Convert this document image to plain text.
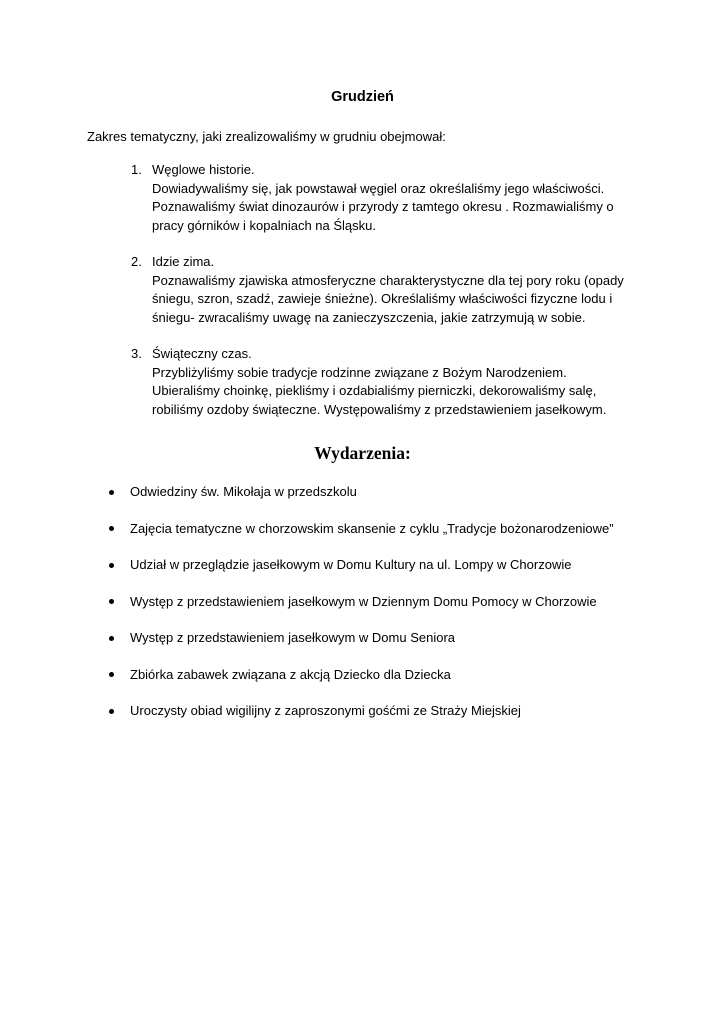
Grudzień

Zakres tematyczny, jaki zrealizowaliśmy w grudniu obejmował:

1. Węglowe historie.
Dowiadywaliśmy się, jak powstawał węgiel oraz określaliśmy jego właściwości.
Poznawaliśmy świat dinozaurów i przyrody z tamtego okresu . Rozmawialiśmy o
pracy górników i kopalniach na Śląsku.
2. Idzie zima.
Poznawaliśmy zjawiska atmosferyczne charakterystyczne dla tej pory roku (opady
śniegu, szron, szadź, zawieje śnieżne). Określaliśmy właściwości fizyczne lodu i
śniegu- zwracaliśmy uwagę na zanieczyszczenia, jakie zatrzymują w sobie.
3. Świąteczny czas.
Przybliżyliśmy sobie tradycje rodzinne związane z Bożym Narodzeniem.
Ubieraliśmy choinkę, piekliśmy i ozdabialiśmy pierniczki, dekorowaliśmy salę,
robiliśmy ozdoby świąteczne. Występowaliśmy z przedstawieniem jasełkowym.
Wydarzenia:
Odwiedziny św. Mikołaja w przedszkolu
Zajęcia tematyczne w chorzowskim skansenie z cyklu „Tradycje bożonarodzeniowe”
Udział w przeglądzie jasełkowym w Domu Kultury na ul. Lompy w Chorzowie
Występ z przedstawieniem jasełkowym w Dziennym Domu Pomocy w Chorzowie
Występ z przedstawieniem jasełkowym w Domu Seniora
Zbiórka zabawek związana z akcją Dziecko dla Dziecka
Uroczysty obiad wigilijny z zaproszonymi gośćmi ze Straży Miejskiej
